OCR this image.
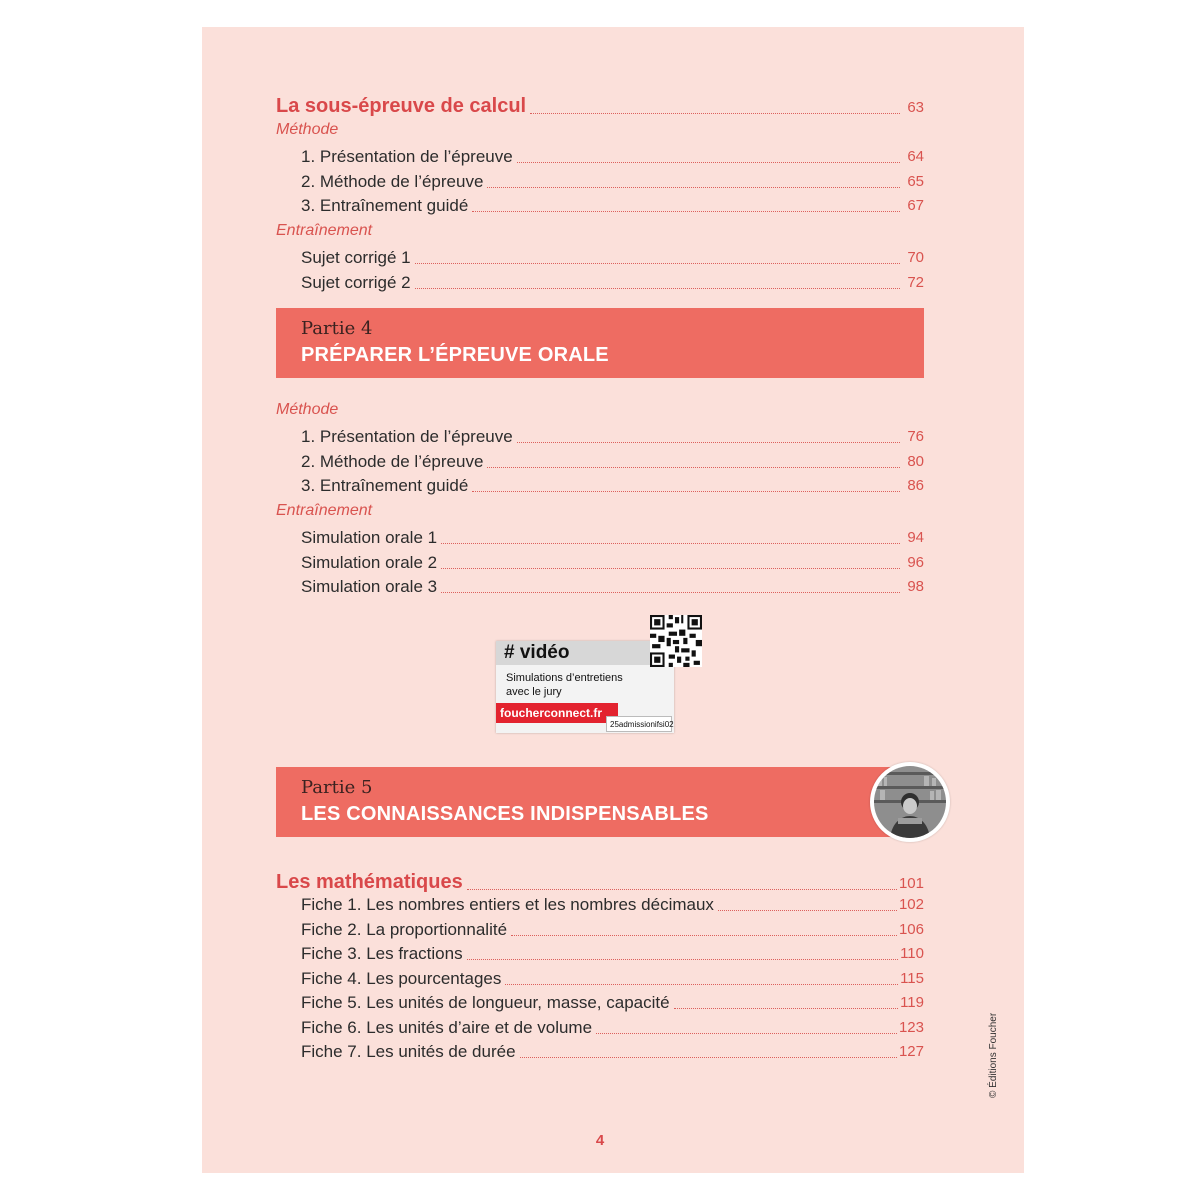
La sous-épreuve de calcul	63
Méthode
1. Présentation de l’épreuve	64
2. Méthode de l’épreuve	65
3. Entraînement guidé	67
Entraînement
Sujet corrigé 1	70
Sujet corrigé 2	72
Partie 4
PRÉPARER L’ÉPREUVE ORALE
Méthode
1. Présentation de l’épreuve	76
2. Méthode de l’épreuve	80
3. Entraînement guidé	86
Entraînement
Simulation orale 1	94
Simulation orale 2	96
Simulation orale 3	98
# vidéo
Simulations d’entretiens avec le jury
foucherconnect.fr
25admissionifsi02
Partie 5
LES CONNAISSANCES INDISPENSABLES
Les mathématiques	101
Fiche 1. Les nombres entiers et les nombres décimaux	102
Fiche 2. La proportionnalité	106
Fiche 3. Les fractions	110
Fiche 4. Les pourcentages	115
Fiche 5. Les unités de longueur, masse, capacité	119
Fiche 6. Les unités d’aire et de volume	123
Fiche 7. Les unités de durée	127	© Éditions Foucher
4
